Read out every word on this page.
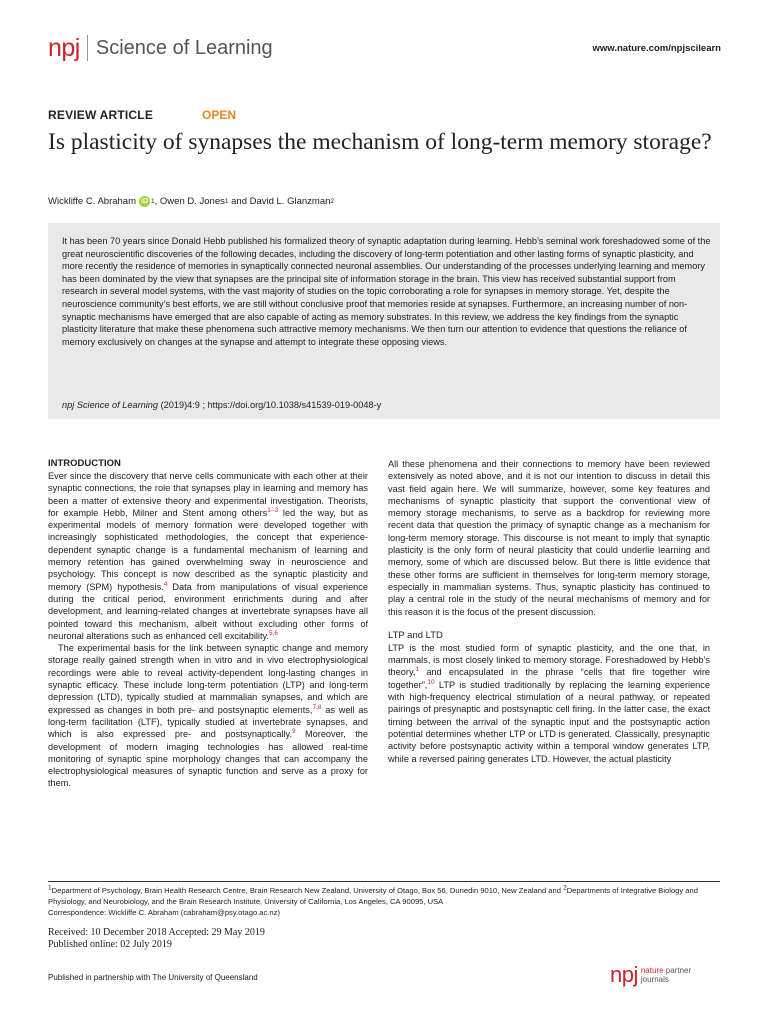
npj Science of Learning	www.nature.com/npjscilearn
REVIEW ARTICLE	OPEN
Is plasticity of synapses the mechanism of long-term memory storage?
Wickliffe C. Abraham iD 1 , Owen D. Jones 1 and David L. Glanzman 2

It has been 70 years since Donald Hebb published his formalized theory of synaptic adaptation during learning. Hebb’s seminal work foreshadowed some of the great neuroscientific discoveries of the following decades, including the discovery of long-term potentiation and other lasting forms of synaptic plasticity, and more recently the residence of memories in synaptically connected neuronal assemblies. Our understanding of the processes underlying learning and memory has been dominated by the view that synapses are the principal site of information storage in the brain. This view has received substantial support from research in several model systems, with the vast majority of studies on the topic corroborating a role for synapses in memory storage. Yet, despite the neuroscience community’s best efforts, we are still without conclusive proof that memories reside at synapses. Furthermore, an increasing number of non-synaptic mechanisms have emerged that are also capable of acting as memory substrates. In this review, we address the key findings from the synaptic plasticity literature that make these phenomena such attractive memory mechanisms. We then turn our attention to evidence that questions the reliance of memory exclusively on changes at the synapse and attempt to integrate these opposing views.

npj Science of Learning (2019)4:9 ; https://doi.org/10.1038/s41539-019-0048-y
INTRODUCTION

Ever since the discovery that nerve cells communicate with each other at their synaptic connections, the role that synapses play in learning and memory has been a matter of extensive theory and experimental investigation. Theorists, for example Hebb, Milner and Stent among others$^{1-3}$ led the way, but as experimental models of memory formation were developed together with increasingly sophisticated methodologies, the concept that experience-dependent synaptic change is a fundamental mechanism of learning and memory retention has gained overwhelming sway in neuroscience and psychology. This concept is now described as the synaptic plasticity and memory (SPM) hypothesis.$^4$ Data from manipulations of visual experience during the critical period, environment enrichments during and after development, and learning-related changes at invertebrate synapses have all pointed toward this mechanism, albeit without excluding other forms of neuronal alterations such as enhanced cell excitability.$^{5,6}$

The experimental basis for the link between synaptic change and memory storage really gained strength when in vitro and in vivo electrophysiological recordings were able to reveal activity-dependent long-lasting changes in synaptic efficacy. These include long-term potentiation (LTP) and long-term depression (LTD), typically studied at mammalian synapses, and which are expressed as changes in both pre- and postsynaptic elements,$^{7,8}$ as well as long-term facilitation (LTF), typically studied at invertebrate synapses, and which is also expressed pre- and postsynaptically.$^9$ Moreover, the development of modern imaging technologies has allowed real-time monitoring of synaptic spine morphology changes that can accompany the electrophysiological measures of synaptic function and serve as a proxy for them.

All these phenomena and their connections to memory have been reviewed extensively as noted above, and it is not our intention to discuss in detail this vast field again here. We will summarize, however, some key features and mechanisms of synaptic plasticity that support the conventional view of memory storage mechanisms, to serve as a backdrop for reviewing more recent data that question the primacy of synaptic change as a mechanism for long-term memory storage. This discourse is not meant to imply that synaptic plasticity is the only form of neural plasticity that could underlie learning and memory, some of which are discussed below. But there is little evidence that these other forms are sufficient in themselves for long-term memory storage, especially in mammalian systems. Thus, synaptic plasticity has continued to play a central role in the study of the neural mechanisms of memory and for this reason it is the focus of the present discussion.

LTP and LTD

LTP is the most studied form of synaptic plasticity, and the one that, in mammals, is most closely linked to memory storage. Foreshadowed by Hebb’s theory,$^1$ and encapsulated in the phrase “cells that fire together wire together”,$^{10}$ LTP is studied traditionally by replacing the learning experience with high-frequency electrical stimulation of a neural pathway, or repeated pairings of presynaptic and postsynaptic cell firing. In the latter case, the exact timing between the arrival of the synaptic input and the postsynaptic action potential determines whether LTP or LTD is generated. Classically, presynaptic activity before postsynaptic activity within a temporal window generates LTP, while a reversed pairing generates LTD. However, the actual plasticity

$^1$Department of Psychology, Brain Health Research Centre, Brain Research New Zealand, University of Otago, Box 56, Dunedin 9010, New Zealand and $^2$Departments of Integrative Biology and Physiology, and Neurobiology, and the Brain Research Institute, University of California, Los Angeles, CA 90095, USA
Correspondence: Wickliffe C. Abraham (cabraham@psy.otago.ac.nz)
Received: 10 December 2018 Accepted: 29 May 2019
Published online: 02 July 2019
Published in partnership with The University of Queensland	npj nature partner
journals
